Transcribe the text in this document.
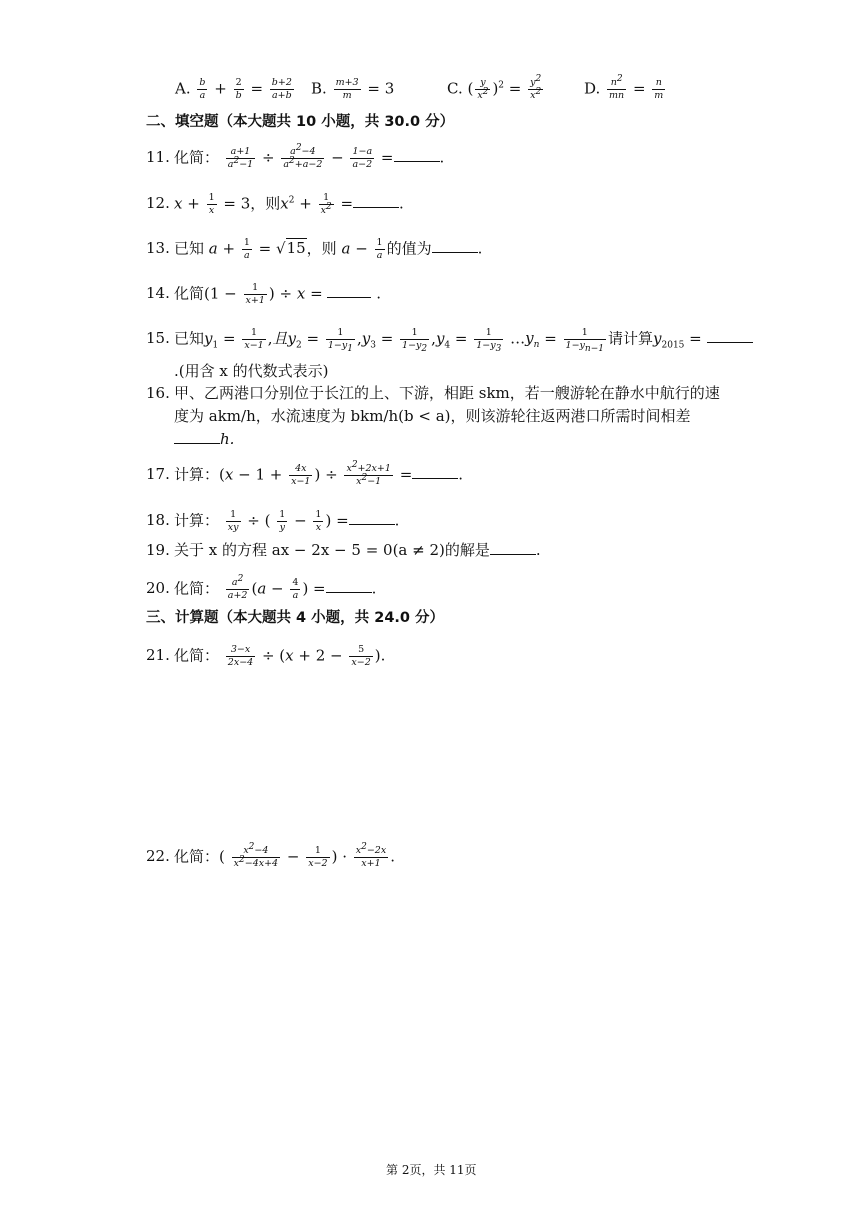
A. $\frac{b}{a} + \frac{2}{b} = \frac{b+2}{a+b} B$. $\frac{m+3}{m} = 3$	C. ( $\frac{y}{x^2} )^2 = \frac{y^2}{x^2}$	D. $\frac{n^2}{mn} = \frac{n}{m}$
二、填空题（本大题共 10 小题，共 30.0 分）
11. 化简： $\frac{a+1}{a^2-1} \div \frac{a^2-4}{a^2+a-2} - \frac{1-a}{a-2}$ =	.
12. $x + \frac{1}{x} = 3$，则$x^2 + \frac{1}{x^2}$ =	.
13. 已知 $a + \frac{1}{a} = √15$，则 $a - \frac{1}{a}$ 的值为	.
14. 化简($1 - \frac{1}{x+1}$ ) ÷ x =	.
15. 已知$y_1 = \frac{1}{x-1}$ ,且$y_2 = \frac{1}{1-y_1} ,y_3 = \frac{1}{1-y_2} ,y_4 = \frac{1}{1-y_3}$ $\dots y_n = \frac{1}{1-y_{n-1}}$ 请计算$y_{2015}$ =
.(用含 x 的代数式表示)
16. 甲、乙两港口分别位于长江的上、下游，相距 skm，若一艘游轮在静水中航行的速
度为 akm/h，水流速度为 bkm/h(b < a)，则该游轮往返两港口所需时间相差
h.
17. 计算：($x - 1 + \frac{4x}{x-1}$ ) ÷ $\frac{x^2+2x+1}{x^2-1}$ =	.
18. 计算： $\frac{1}{xy}$ ÷ ( $\frac{1}{y} - \frac{1}{x}$ ) =	.
19. 关于 x 的方程 ax − 2x − 5 = 0(a ≠ 2)的解是	.
20. 化简： $\frac{a^2}{a+2} (a - \frac{4}{a}$ ) =	.
三、计算题（本大题共 4 小题，共 24.0 分）
21. 化简： $\frac{3-x}{2x-4} \div (x + 2 - \frac{5}{x-2}$ ).
22. 化简：( $\frac{x^2-4}{x^2-4x+4} - \frac{1}{x-2}$ ) · $\frac{x^2-2x}{x+1}$ .
第 2页，共 11页
